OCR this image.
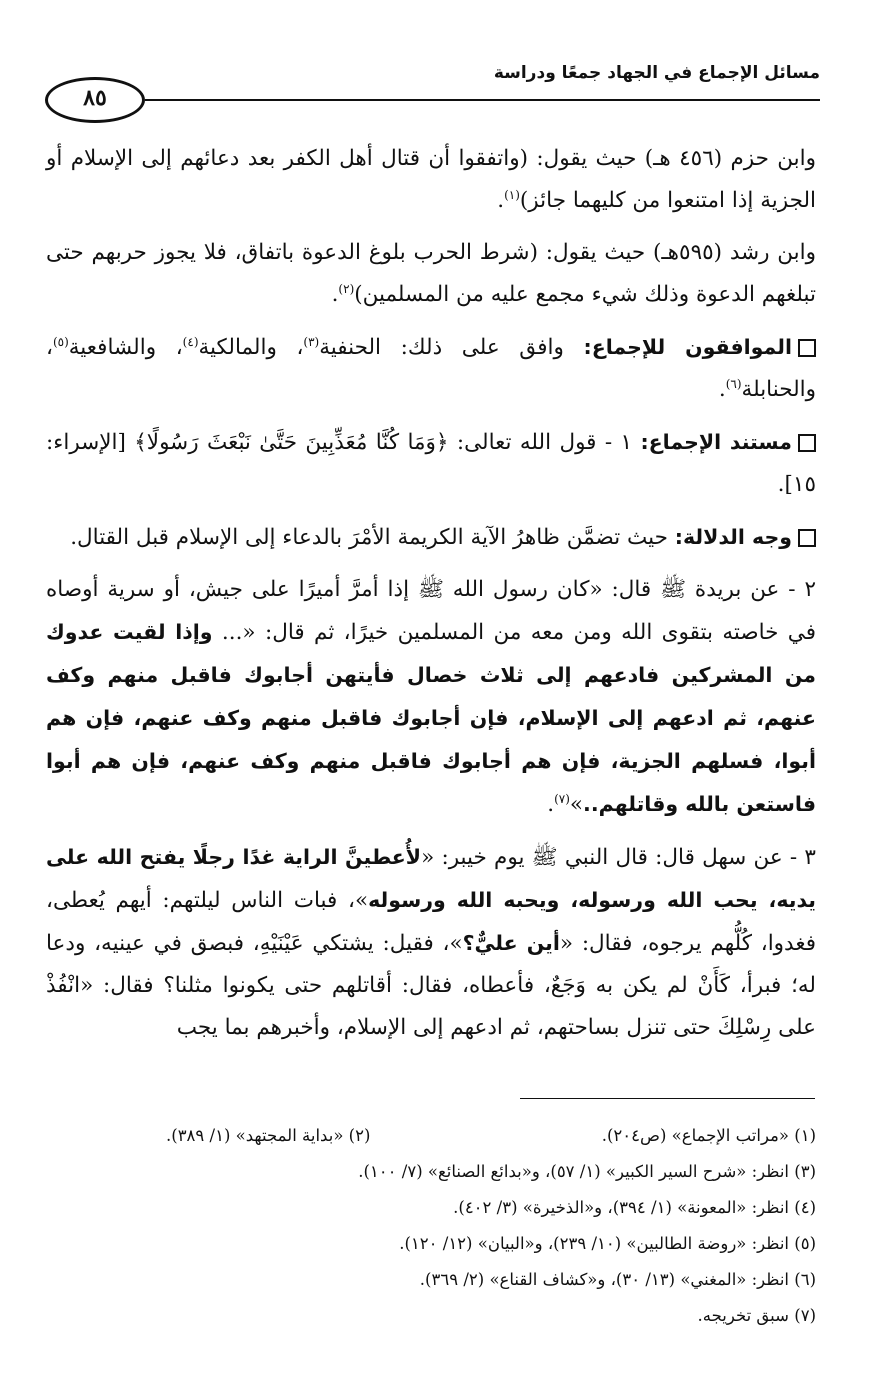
مسائل الإجماع في الجهاد جمعًا ودراسة
٨٥

وابن حزم (٤٥٦ هـ) حيث يقول: (واتفقوا أن قتال أهل الكفر بعد دعائهم إلى الإسلام أو الجزية إذا امتنعوا من كليهما جائز)$^{(١)}$.

وابن رشد (٥٩٥هـ) حيث يقول: (شرط الحرب بلوغ الدعوة باتفاق، فلا يجوز حربهم حتى تبلغهم الدعوة وذلك شيء مجمع عليه من المسلمين)$^{(٢)}$.

الموافقون للإجماع: وافق على ذلك: الحنفية$^{(٣)}$، والمالكية$^{(٤)}$، والشافعية$^{(٥)}$، والحنابلة$^{(٦)}$.

مستند الإجماع: ١ - قول الله تعالى: ﴿وَمَا كُنَّا مُعَذِّبِينَ حَتَّىٰ نَبْعَثَ رَسُولًا﴾ [الإسراء: ١٥].

وجه الدلالة: حيث تضمَّن ظاهرُ الآية الكريمة الأمْرَ بالدعاء إلى الإسلام قبل القتال.

٢ - عن بريدة ﷺ قال: «كان رسول الله ﷺ إذا أمرَّ أميرًا على جيش، أو سرية أوصاه في خاصته بتقوى الله ومن معه من المسلمين خيرًا، ثم قال: «... وإذا لقيت عدوك من المشركين فادعهم إلى ثلاث خصال فأيتهن أجابوك فاقبل منهم وكف عنهم، ثم ادعهم إلى الإسلام، فإن أجابوك فاقبل منهم وكف عنهم، فإن هم أبوا، فسلهم الجزية، فإن هم أجابوك فاقبل منهم وكف عنهم، فإن هم أبوا فاستعن بالله وقاتلهم..»$^{(٧)}$.

٣ - عن سهل قال: قال النبي ﷺ يوم خيبر: «لأُعطينَّ الراية غدًا رجلًا يفتح الله على يديه، يحب الله ورسوله، ويحبه الله ورسوله»، فبات الناس ليلتهم: أيهم يُعطى، فغدوا، كُلُّهم يرجوه، فقال: «أين عليٌّ؟»، فقيل: يشتكي عَيْنَيْهِ، فبصق في عينيه، ودعا له؛ فبرأ، كَأَنْ لم يكن به وَجَعٌ، فأعطاه، فقال: أقاتلهم حتى يكونوا مثلنا؟ فقال: «انْفُذْ على رِسْلِكَ حتى تنزل بساحتهم، ثم ادعهم إلى الإسلام، وأخبرهم بما يجب

(١) «مراتب الإجماع» (ص٢٠٤).
(٢) «بداية المجتهد» (١/ ٣٨٩).
(٣) انظر: «شرح السير الكبير» (١/ ٥٧)، و«بدائع الصنائع» (٧/ ١٠٠).
(٤) انظر: «المعونة» (١/ ٣٩٤)، و«الذخيرة» (٣/ ٤٠٢).
(٥) انظر: «روضة الطالبين» (١٠/ ٢٣٩)، و«البيان» (١٢/ ١٢٠).
(٦) انظر: «المغني» (١٣/ ٣٠)، و«كشاف القناع» (٢/ ٣٦٩).
(٧) سبق تخريجه.
